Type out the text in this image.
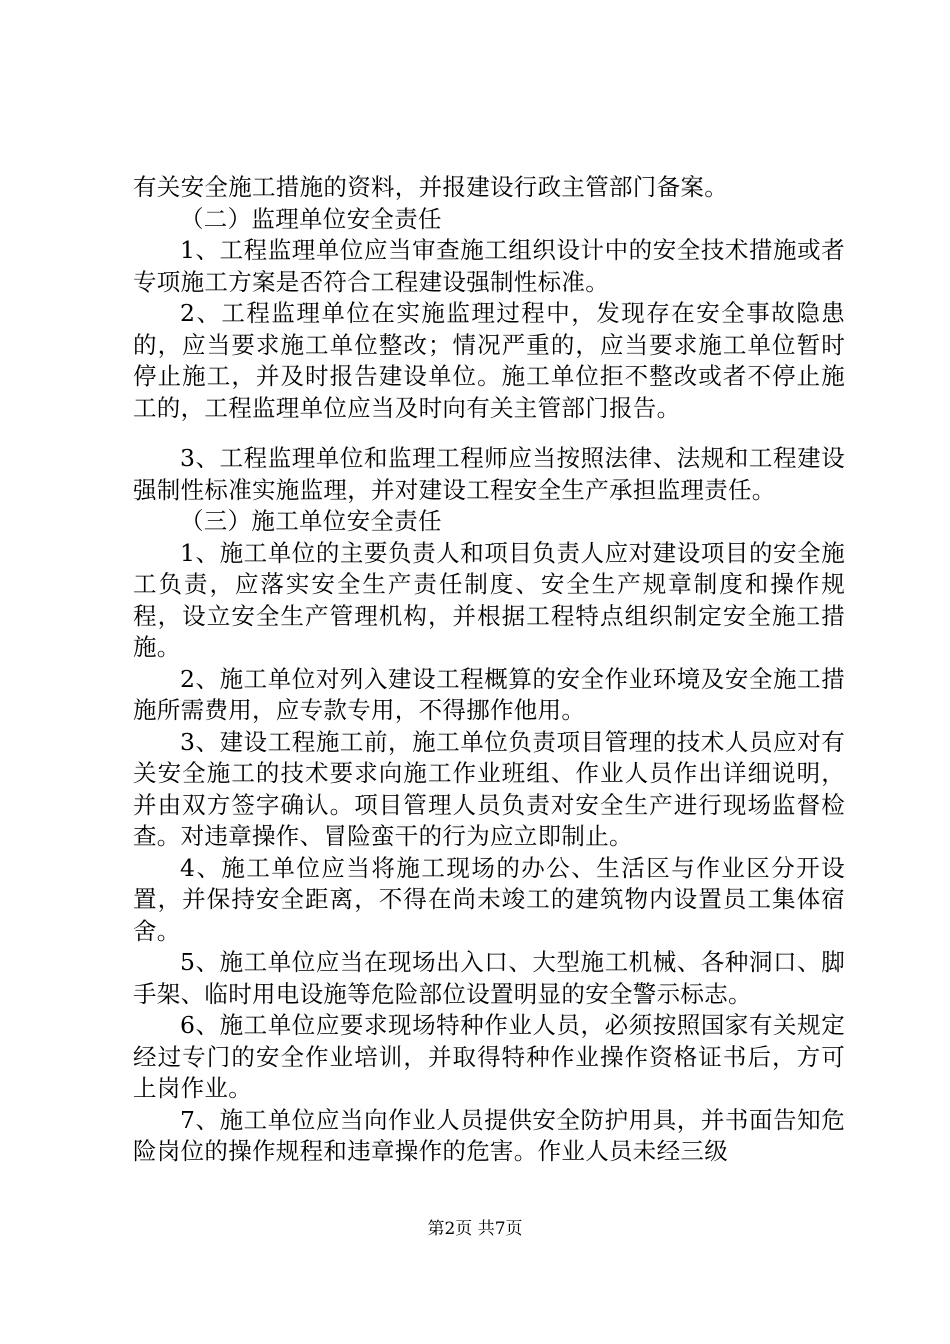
有关安全施工措施的资料，并报建设行政主管部门备案。

（二）监理单位安全责任

1、工程监理单位应当审查施工组织设计中的安全技术措施或者专项施工方案是否符合工程建设强制性标准。

2、工程监理单位在实施监理过程中，发现存在安全事故隐患的，应当要求施工单位整改；情况严重的，应当要求施工单位暂时停止施工，并及时报告建设单位。施工单位拒不整改或者不停止施工的，工程监理单位应当及时向有关主管部门报告。

3、工程监理单位和监理工程师应当按照法律、法规和工程建设强制性标准实施监理，并对建设工程安全生产承担监理责任。

（三）施工单位安全责任

1、施工单位的主要负责人和项目负责人应对建设项目的安全施工负责，应落实安全生产责任制度、安全生产规章制度和操作规程，设立安全生产管理机构，并根据工程特点组织制定安全施工措施。

2、施工单位对列入建设工程概算的安全作业环境及安全施工措施所需费用，应专款专用，不得挪作他用。

3、建设工程施工前，施工单位负责项目管理的技术人员应对有关安全施工的技术要求向施工作业班组、作业人员作出详细说明，并由双方签字确认。项目管理人员负责对安全生产进行现场监督检查。对违章操作、冒险蛮干的行为应立即制止。

4、施工单位应当将施工现场的办公、生活区与作业区分开设置，并保持安全距离，不得在尚未竣工的建筑物内设置员工集体宿舍。

5、施工单位应当在现场出入口、大型施工机械、各种洞口、脚手架、临时用电设施等危险部位设置明显的安全警示标志。

6、施工单位应要求现场特种作业人员，必须按照国家有关规定经过专门的安全作业培训，并取得特种作业操作资格证书后，方可上岗作业。

7、施工单位应当向作业人员提供安全防护用具，并书面告知危险岗位的操作规程和违章操作的危害。作业人员未经三级

第2页 共7页
